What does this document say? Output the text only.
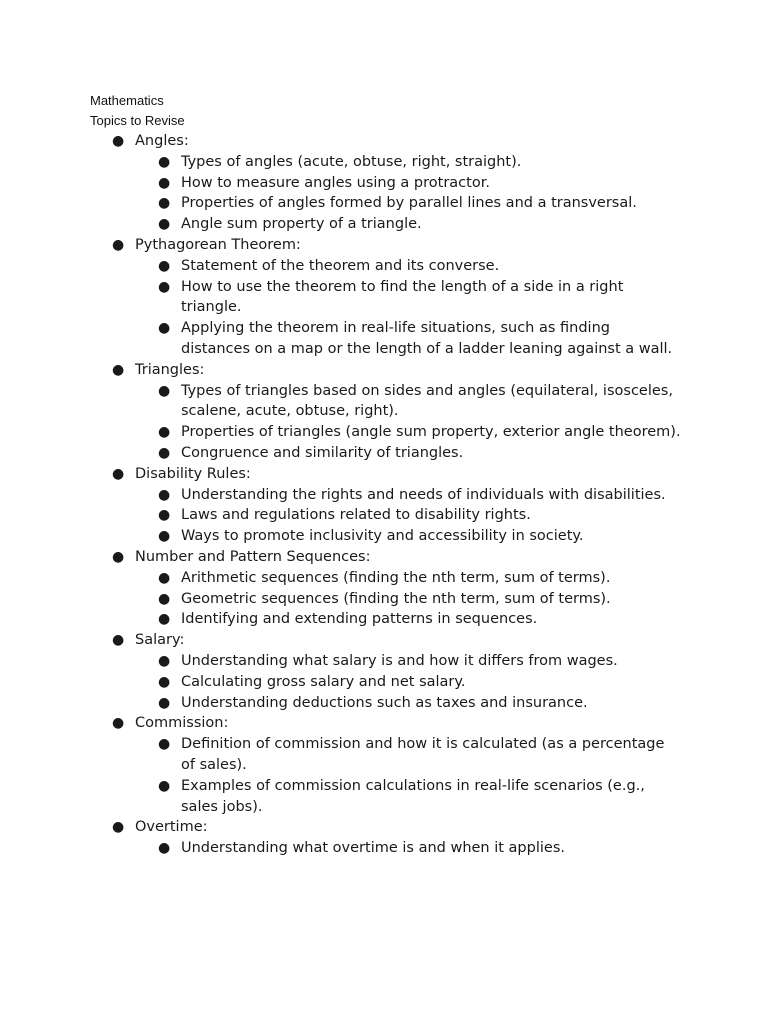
Mathematics

Topics to Revise

● Angles:
● Types of angles (acute, obtuse, right, straight).
● How to measure angles using a protractor.
● Properties of angles formed by parallel lines and a transversal.
● Angle sum property of a triangle.
● Pythagorean Theorem:
● Statement of the theorem and its converse.
● How to use the theorem to find the length of a side in a right triangle.
● Applying the theorem in real-life situations, such as finding distances on a map or the length of a ladder leaning against a wall.
● Triangles:
● Types of triangles based on sides and angles (equilateral, isosceles, scalene, acute, obtuse, right).
● Properties of triangles (angle sum property, exterior angle theorem).
● Congruence and similarity of triangles.
● Disability Rules:
● Understanding the rights and needs of individuals with disabilities.
● Laws and regulations related to disability rights.
● Ways to promote inclusivity and accessibility in society.
● Number and Pattern Sequences:
● Arithmetic sequences (finding the nth term, sum of terms).
● Geometric sequences (finding the nth term, sum of terms).
● Identifying and extending patterns in sequences.
● Salary:
● Understanding what salary is and how it differs from wages.
● Calculating gross salary and net salary.
● Understanding deductions such as taxes and insurance.
● Commission:
● Definition of commission and how it is calculated (as a percentage of sales).
● Examples of commission calculations in real-life scenarios (e.g., sales jobs).
● Overtime:
● Understanding what overtime is and when it applies.
